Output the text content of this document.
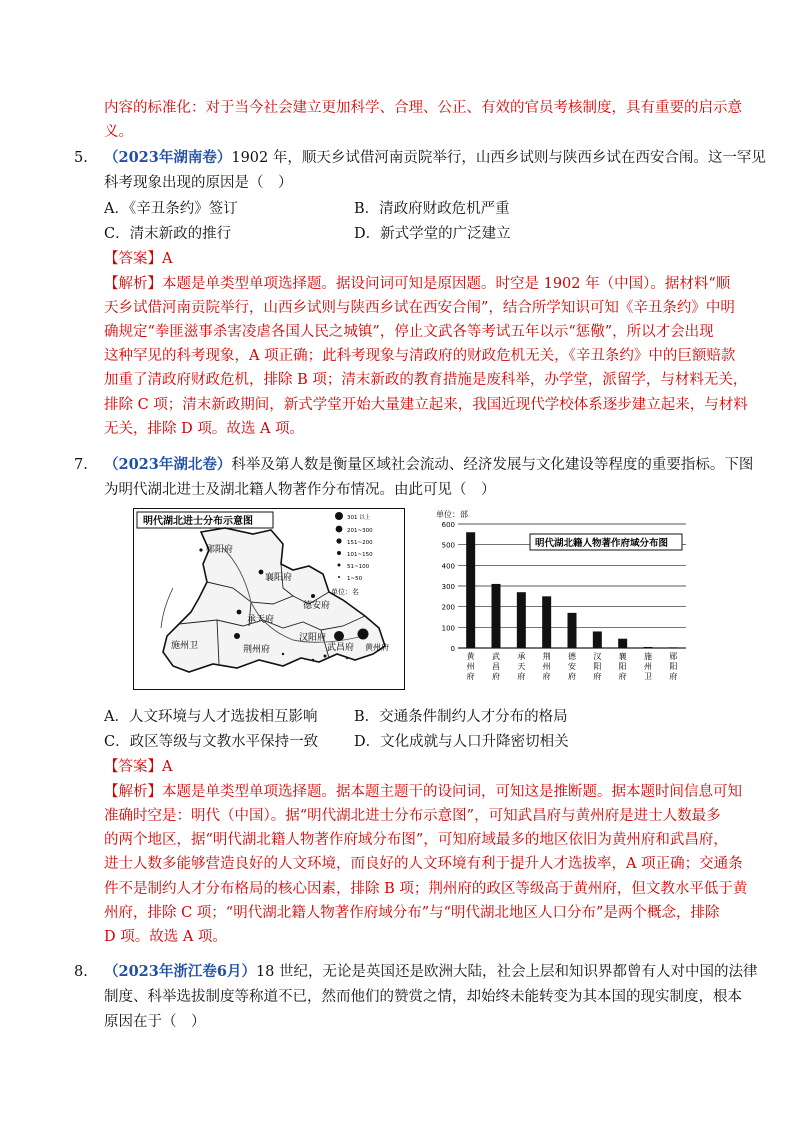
内容的标准化：对于当今社会建立更加科学、合理、公正、有效的官员考核制度，具有重要的启示意
义。
5. （2023年湖南卷）1902 年，顺天乡试借河南贡院举行，山西乡试则与陕西乡试在西安合闱。这一罕见
科考现象出现的原因是（　）
A．《辛丑条约》签订	B．清政府财政危机严重
C．清末新政的推行	D．新式学堂的广泛建立
【答案】A
【解析】本题是单类型单项选择题。据设问词可知是原因题。时空是 1902 年（中国）。据材料“顺
天乡试借河南贡院举行，山西乡试则与陕西乡试在西安合闱”，结合所学知识可知《辛丑条约》中明
确规定“拳匪滋事杀害凌虐各国人民之城镇”，停止文武各等考试五年以示“惩儆”，所以才会出现
这种罕见的科考现象，A 项正确；此科考现象与清政府的财政危机无关，《辛丑条约》中的巨额赔款
加重了清政府财政危机，排除 B 项；清末新政的教育措施是废科举，办学堂，派留学，与材料无关，
排除 C 项；清末新政期间，新式学堂开始大量建立起来，我国近现代学校体系逐步建立起来，与材料
无关，排除 D 项。故选 A 项。
7. （2023年湖北卷）科举及第人数是衡量区域社会流动、经济发展与文化建设等程度的重要指标。下图
为明代湖北进士及湖北籍人物著作分布情况。由此可见（　）
明代湖北进士分布示意图	301 以上
201~300
151~200
101~150
51~100
1~50
单位：名
郧阳府
襄阳府
德安府
承天府
汉阳府
施州卫	荆州府	武昌府 黄州府
单位：部
0
100
200
300
400
500
600
黄州府
武昌府
承天府
荆州府
德安府
汉阳府
襄阳府
施州卫
郧阳府
明代湖北籍人物著作府域分布图
A．人文环境与人才选拔相互影响	B．交通条件制约人才分布的格局
C．政区等级与文教水平保持一致 D．文化成就与人口升降密切相关
【答案】A
【解析】本题是单类型单项选择题。据本题主题干的设问词，可知这是推断题。据本题时间信息可知
准确时空是：明代（中国）。据“明代湖北进士分布示意图”，可知武昌府与黄州府是进士人数最多
的两个地区，据“明代湖北籍人物著作府域分布图”，可知府域最多的地区依旧为黄州府和武昌府，
进士人数多能够营造良好的人文环境，而良好的人文环境有利于提升人才选拔率，A 项正确；交通条
件不是制约人才分布格局的核心因素，排除 B 项；荆州府的政区等级高于黄州府，但文教水平低于黄
州府，排除 C 项；“明代湖北籍人物著作府域分布”与“明代湖北地区人口分布”是两个概念，排除
D 项。故选 A 项。
8. （2023年浙江卷6月）18 世纪，无论是英国还是欧洲大陆，社会上层和知识界都曾有人对中国的法律
制度、科举选拔制度等称道不已，然而他们的赞赏之情，却始终未能转变为其本国的现实制度，根本
原因在于（　）
